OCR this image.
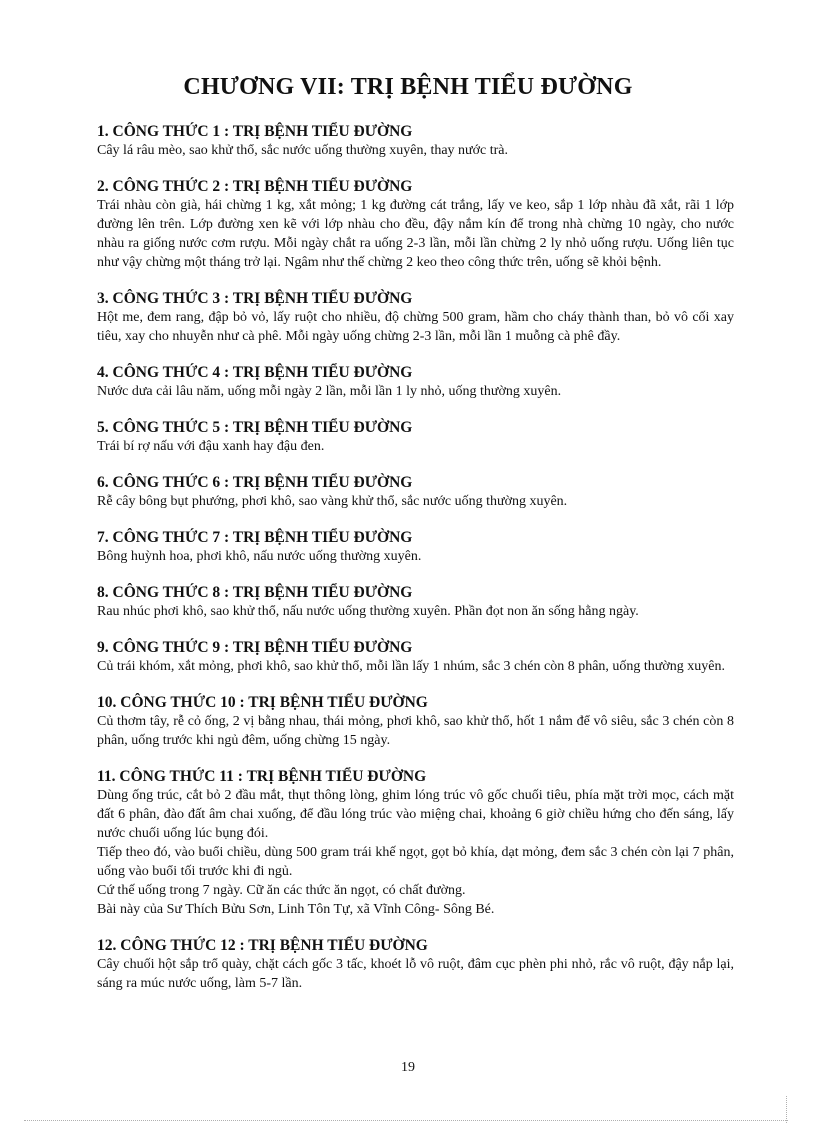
CHƯƠNG VII: TRỊ BỆNH TIỂU ĐƯỜNG

1. CÔNG THỨC 1 : TRỊ BỆNH TIỂU ĐƯỜNG

Cây lá râu mèo, sao khử thổ, sắc nước uống thường xuyên, thay nước trà.

2. CÔNG THỨC 2 : TRỊ BỆNH TIỂU ĐƯỜNG

Trái nhàu còn già, hái chừng 1 kg, xắt mỏng; 1 kg đường cát trắng, lấy ve keo, sắp 1 lớp nhàu đã xắt, rãi 1 lớp đường lên trên. Lớp đường xen kẽ với lớp nhàu cho đều, đậy nắm kín để trong nhà chừng 10 ngày, cho nước nhàu ra giống nước cơm rượu. Mỗi ngày chắt ra uống 2-3 lần, mỗi lần chừng 2 ly nhỏ uống rượu. Uống liên tục như vậy chừng một tháng trở lại. Ngâm như thế chừng 2 keo theo công thức trên, uống sẽ khỏi bệnh.

3. CÔNG THỨC 3 : TRỊ BỆNH TIỂU ĐƯỜNG

Hột me, đem rang, đập bỏ vỏ, lấy ruột cho nhiều, độ chừng 500 gram, hầm cho cháy thành than, bỏ vô cối xay tiêu, xay cho nhuyễn như cà phê. Mỗi ngày uống chừng 2-3 lần, mỗi lần 1 muỗng cà phê đầy.

4. CÔNG THỨC 4 : TRỊ BỆNH TIỂU ĐƯỜNG

Nước dưa cải lâu năm, uống mỗi ngày 2 lần, mỗi lần 1 ly nhỏ, uống thường xuyên.

5. CÔNG THỨC 5 : TRỊ BỆNH TIỂU ĐƯỜNG

Trái bí rợ nấu với đậu xanh hay đậu đen.

6. CÔNG THỨC 6 : TRỊ BỆNH TIỂU ĐƯỜNG

Rễ cây bông bụt phướng, phơi khô, sao vàng khử thổ, sắc nước uống thường xuyên.

7. CÔNG THỨC 7 : TRỊ BỆNH TIỂU ĐƯỜNG

Bông huỳnh hoa, phơi khô, nấu nước uống thường xuyên.

8. CÔNG THỨC 8 : TRỊ BỆNH TIỂU ĐƯỜNG

Rau nhúc phơi khô, sao khử thổ, nấu nước uống thường xuyên. Phần đọt non ăn sống hằng ngày.

9. CÔNG THỨC 9 : TRỊ BỆNH TIỂU ĐƯỜNG

Củ trái khóm, xắt mỏng, phơi khô, sao khử thổ, mỗi lần lấy 1 nhúm, sắc 3 chén còn 8 phân, uống thường xuyên.

10. CÔNG THỨC 10 : TRỊ BỆNH TIỂU ĐƯỜNG

Củ thơm tây, rễ cỏ ống, 2 vị bằng nhau, thái mỏng, phơi khô, sao khử thổ, hốt 1 nắm để vô siêu, sắc 3 chén còn 8 phân, uống trước khi ngủ đêm, uống chừng 15 ngày.

11. CÔNG THỨC 11 : TRỊ BỆNH TIỂU ĐƯỜNG

Dùng ống trúc, cắt bỏ 2 đầu mắt, thụt thông lòng, ghim lóng trúc vô gốc chuối tiêu, phía mặt trời mọc, cách mặt đất 6 phân, đào đất âm chai xuống, để đầu lóng trúc vào miệng chai, khoảng 6 giờ chiều hứng cho đến sáng, lấy nước chuối uống lúc bụng đói.

Tiếp theo đó, vào buổi chiều, dùng 500 gram trái khế ngọt, gọt bỏ khía, dạt mỏng, đem sắc 3 chén còn lại 7 phân, uống vào buổi tối trước khi đi ngủ.

Cứ thế uống trong 7 ngày. Cữ ăn các thức ăn ngọt, có chất đường.

Bài này của Sư Thích Bửu Sơn, Linh Tôn Tự, xã Vĩnh Công- Sông Bé.

12. CÔNG THỨC 12 : TRỊ BỆNH TIỂU ĐƯỜNG

Cây chuối hột sắp trổ quày, chặt cách gốc 3 tấc, khoét lỗ vô ruột, đâm cục phèn phi nhỏ, rắc vô ruột, đậy nắp lại, sáng ra múc nước uống, làm 5-7 lần.

19
